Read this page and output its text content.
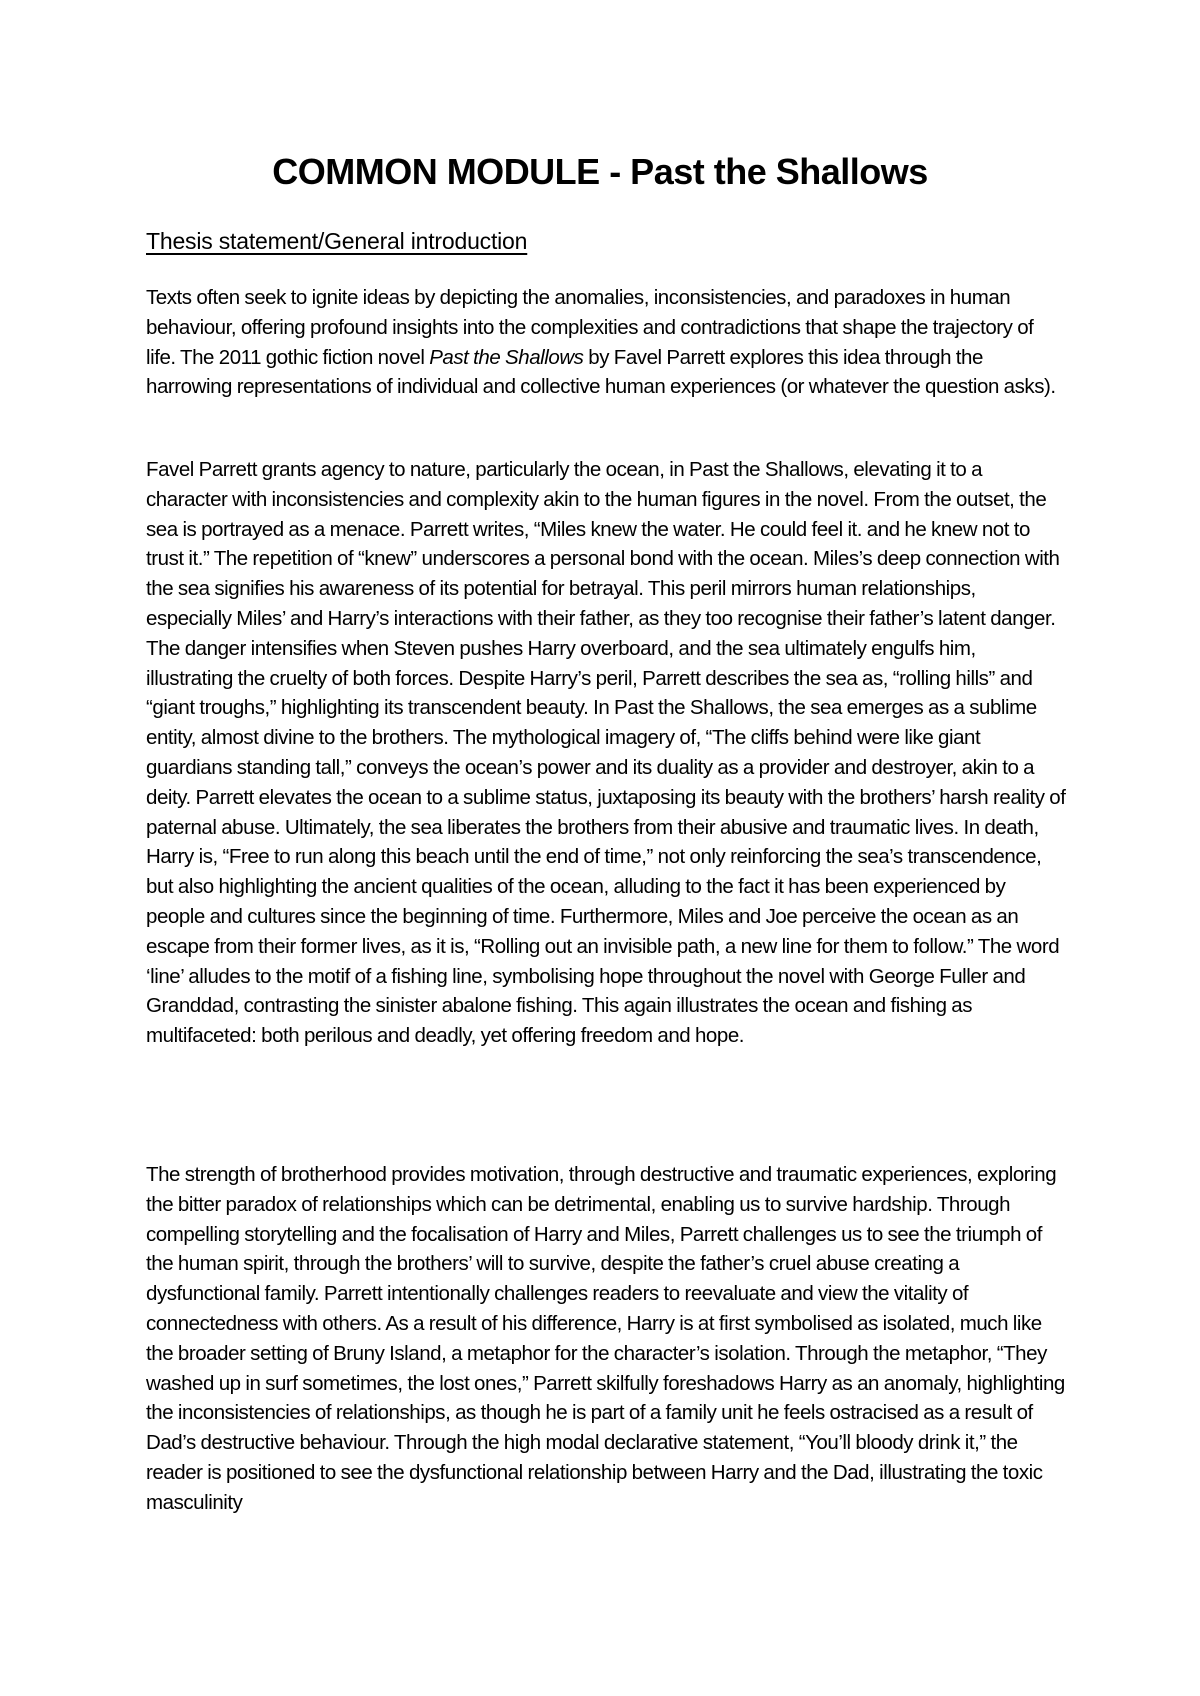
COMMON MODULE - Past the Shallows
Thesis statement/General introduction

Texts often seek to ignite ideas by depicting the anomalies, inconsistencies, and paradoxes in human behaviour, offering profound insights into the complexities and contradictions that shape the trajectory of life. The 2011 gothic fiction novel Past the Shallows by Favel Parrett explores this idea through the harrowing representations of individual and collective human experiences (or whatever the question asks).

Favel Parrett grants agency to nature, particularly the ocean, in Past the Shallows, elevating it to a character with inconsistencies and complexity akin to the human figures in the novel. From the outset, the sea is portrayed as a menace. Parrett writes, “Miles knew the water. He could feel it. and he knew not to trust it.” The repetition of “knew” underscores a personal bond with the ocean. Miles’s deep connection with the sea signifies his awareness of its potential for betrayal. This peril mirrors human relationships, especially Miles’ and Harry’s interactions with their father, as they too recognise their father’s latent danger. The danger intensifies when Steven pushes Harry overboard, and the sea ultimately engulfs him, illustrating the cruelty of both forces. Despite Harry’s peril, Parrett describes the sea as, “rolling hills” and “giant troughs,” highlighting its transcendent beauty. In Past the Shallows, the sea emerges as a sublime entity, almost divine to the brothers. The mythological imagery of, “The cliffs behind were like giant guardians standing tall,” conveys the ocean’s power and its duality as a provider and destroyer, akin to a deity. Parrett elevates the ocean to a sublime status, juxtaposing its beauty with the brothers’ harsh reality of paternal abuse. Ultimately, the sea liberates the brothers from their abusive and traumatic lives. In death, Harry is, “Free to run along this beach until the end of time,” not only reinforcing the sea’s transcendence, but also highlighting the ancient qualities of the ocean, alluding to the fact it has been experienced by people and cultures since the beginning of time. Furthermore, Miles and Joe perceive the ocean as an escape from their former lives, as it is, “Rolling out an invisible path, a new line for them to follow.” The word ‘line’ alludes to the motif of a fishing line, symbolising hope throughout the novel with George Fuller and Granddad, contrasting the sinister abalone fishing. This again illustrates the ocean and fishing as multifaceted: both perilous and deadly, yet offering freedom and hope.

The strength of brotherhood provides motivation, through destructive and traumatic experiences, exploring the bitter paradox of relationships which can be detrimental, enabling us to survive hardship. Through compelling storytelling and the focalisation of Harry and Miles, Parrett challenges us to see the triumph of the human spirit, through the brothers’ will to survive, despite the father’s cruel abuse creating a dysfunctional family. Parrett intentionally challenges readers to reevaluate and view the vitality of connectedness with others. As a result of his difference, Harry is at first symbolised as isolated, much like the broader setting of Bruny Island, a metaphor for the character’s isolation. Through the metaphor, “They washed up in surf sometimes, the lost ones,” Parrett skilfully foreshadows Harry as an anomaly, highlighting the inconsistencies of relationships, as though he is part of a family unit he feels ostracised as a result of Dad’s destructive behaviour. Through the high modal declarative statement, “You’ll bloody drink it,” the reader is positioned to see the dysfunctional relationship between Harry and the Dad, illustrating the toxic masculinity
